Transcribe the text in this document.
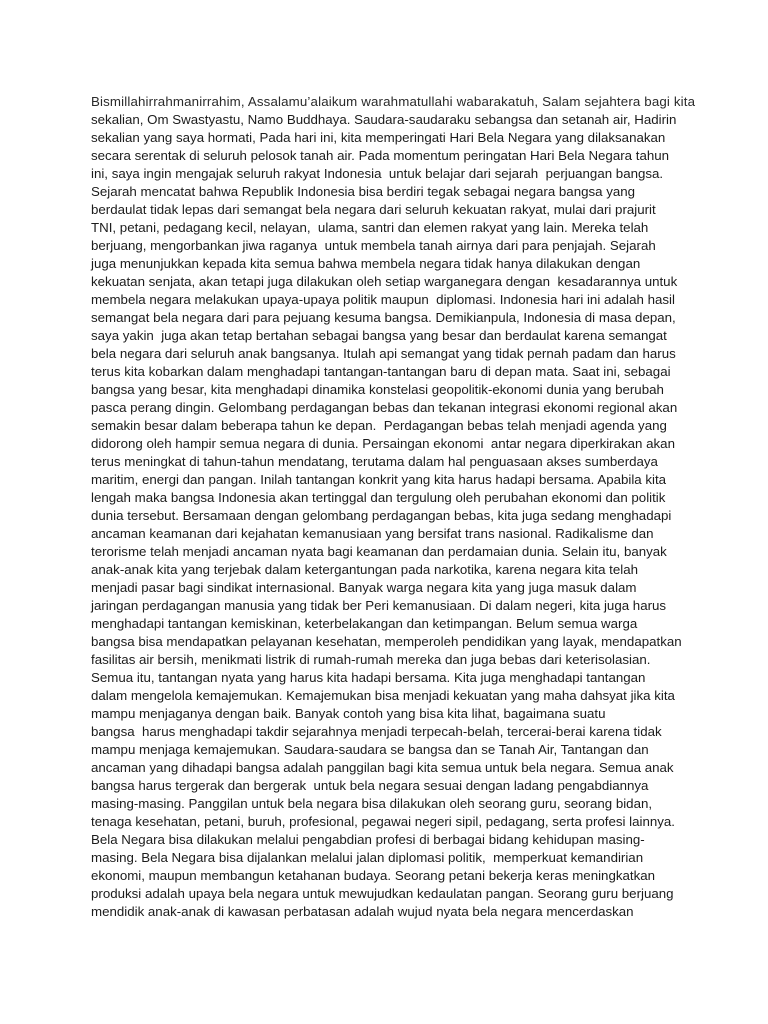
Bismillahirrahmanirrahim, Assalamu’alaikum warahmatullahi wabarakatuh, Salam sejahtera bagi kita
sekalian, Om Swastyastu, Namo Buddhaya. Saudara-saudaraku sebangsa dan setanah air, Hadirin
sekalian yang saya hormati, Pada hari ini, kita memperingati Hari Bela Negara yang dilaksanakan
secara serentak di seluruh pelosok tanah air. Pada momentum peringatan Hari Bela Negara tahun
ini, saya ingin mengajak seluruh rakyat Indonesia  untuk belajar dari sejarah  perjuangan bangsa.
Sejarah mencatat bahwa Republik Indonesia bisa berdiri tegak sebagai negara bangsa yang
berdaulat tidak lepas dari semangat bela negara dari seluruh kekuatan rakyat, mulai dari prajurit
TNI, petani, pedagang kecil, nelayan,  ulama, santri dan elemen rakyat yang lain. Mereka telah
berjuang, mengorbankan jiwa raganya  untuk membela tanah airnya dari para penjajah. Sejarah
juga menunjukkan kepada kita semua bahwa membela negara tidak hanya dilakukan dengan
kekuatan senjata, akan tetapi juga dilakukan oleh setiap warganegara dengan  kesadarannya untuk
membela negara melakukan upaya-upaya politik maupun  diplomasi. Indonesia hari ini adalah hasil
semangat bela negara dari para pejuang kesuma bangsa. Demikianpula, Indonesia di masa depan,
saya yakin  juga akan tetap bertahan sebagai bangsa yang besar dan berdaulat karena semangat
bela negara dari seluruh anak bangsanya. Itulah api semangat yang tidak pernah padam dan harus
terus kita kobarkan dalam menghadapi tantangan-tantangan baru di depan mata. Saat ini, sebagai
bangsa yang besar, kita menghadapi dinamika konstelasi geopolitik-ekonomi dunia yang berubah
pasca perang dingin. Gelombang perdagangan bebas dan tekanan integrasi ekonomi regional akan
semakin besar dalam beberapa tahun ke depan.  Perdagangan bebas telah menjadi agenda yang
didorong oleh hampir semua negara di dunia. Persaingan ekonomi  antar negara diperkirakan akan
terus meningkat di tahun-tahun mendatang, terutama dalam hal penguasaan akses sumberdaya
maritim, energi dan pangan. Inilah tantangan konkrit yang kita harus hadapi bersama. Apabila kita
lengah maka bangsa Indonesia akan tertinggal dan tergulung oleh perubahan ekonomi dan politik
dunia tersebut. Bersamaan dengan gelombang perdagangan bebas, kita juga sedang menghadapi
ancaman keamanan dari kejahatan kemanusiaan yang bersifat trans nasional. Radikalisme dan
terorisme telah menjadi ancaman nyata bagi keamanan dan perdamaian dunia. Selain itu, banyak
anak-anak kita yang terjebak dalam ketergantungan pada narkotika, karena negara kita telah
menjadi pasar bagi sindikat internasional. Banyak warga negara kita yang juga masuk dalam
jaringan perdagangan manusia yang tidak ber Peri kemanusiaan. Di dalam negeri, kita juga harus
menghadapi tantangan kemiskinan, keterbelakangan dan ketimpangan. Belum semua warga
bangsa bisa mendapatkan pelayanan kesehatan, memperoleh pendidikan yang layak, mendapatkan
fasilitas air bersih, menikmati listrik di rumah-rumah mereka dan juga bebas dari keterisolasian.
Semua itu, tantangan nyata yang harus kita hadapi bersama. Kita juga menghadapi tantangan
dalam mengelola kemajemukan. Kemajemukan bisa menjadi kekuatan yang maha dahsyat jika kita
mampu menjaganya dengan baik. Banyak contoh yang bisa kita lihat, bagaimana suatu
bangsa  harus menghadapi takdir sejarahnya menjadi terpecah-belah, tercerai-berai karena tidak
mampu menjaga kemajemukan. Saudara-saudara se bangsa dan se Tanah Air, Tantangan dan
ancaman yang dihadapi bangsa adalah panggilan bagi kita semua untuk bela negara. Semua anak
bangsa harus tergerak dan bergerak  untuk bela negara sesuai dengan ladang pengabdiannya
masing-masing. Panggilan untuk bela negara bisa dilakukan oleh seorang guru, seorang bidan,
tenaga kesehatan, petani, buruh, profesional, pegawai negeri sipil, pedagang, serta profesi lainnya.
Bela Negara bisa dilakukan melalui pengabdian profesi di berbagai bidang kehidupan masing-
masing. Bela Negara bisa dijalankan melalui jalan diplomasi politik,  memperkuat kemandirian
ekonomi, maupun membangun ketahanan budaya. Seorang petani bekerja keras meningkatkan
produksi adalah upaya bela negara untuk mewujudkan kedaulatan pangan. Seorang guru berjuang
mendidik anak-anak di kawasan perbatasan adalah wujud nyata bela negara mencerdaskan
